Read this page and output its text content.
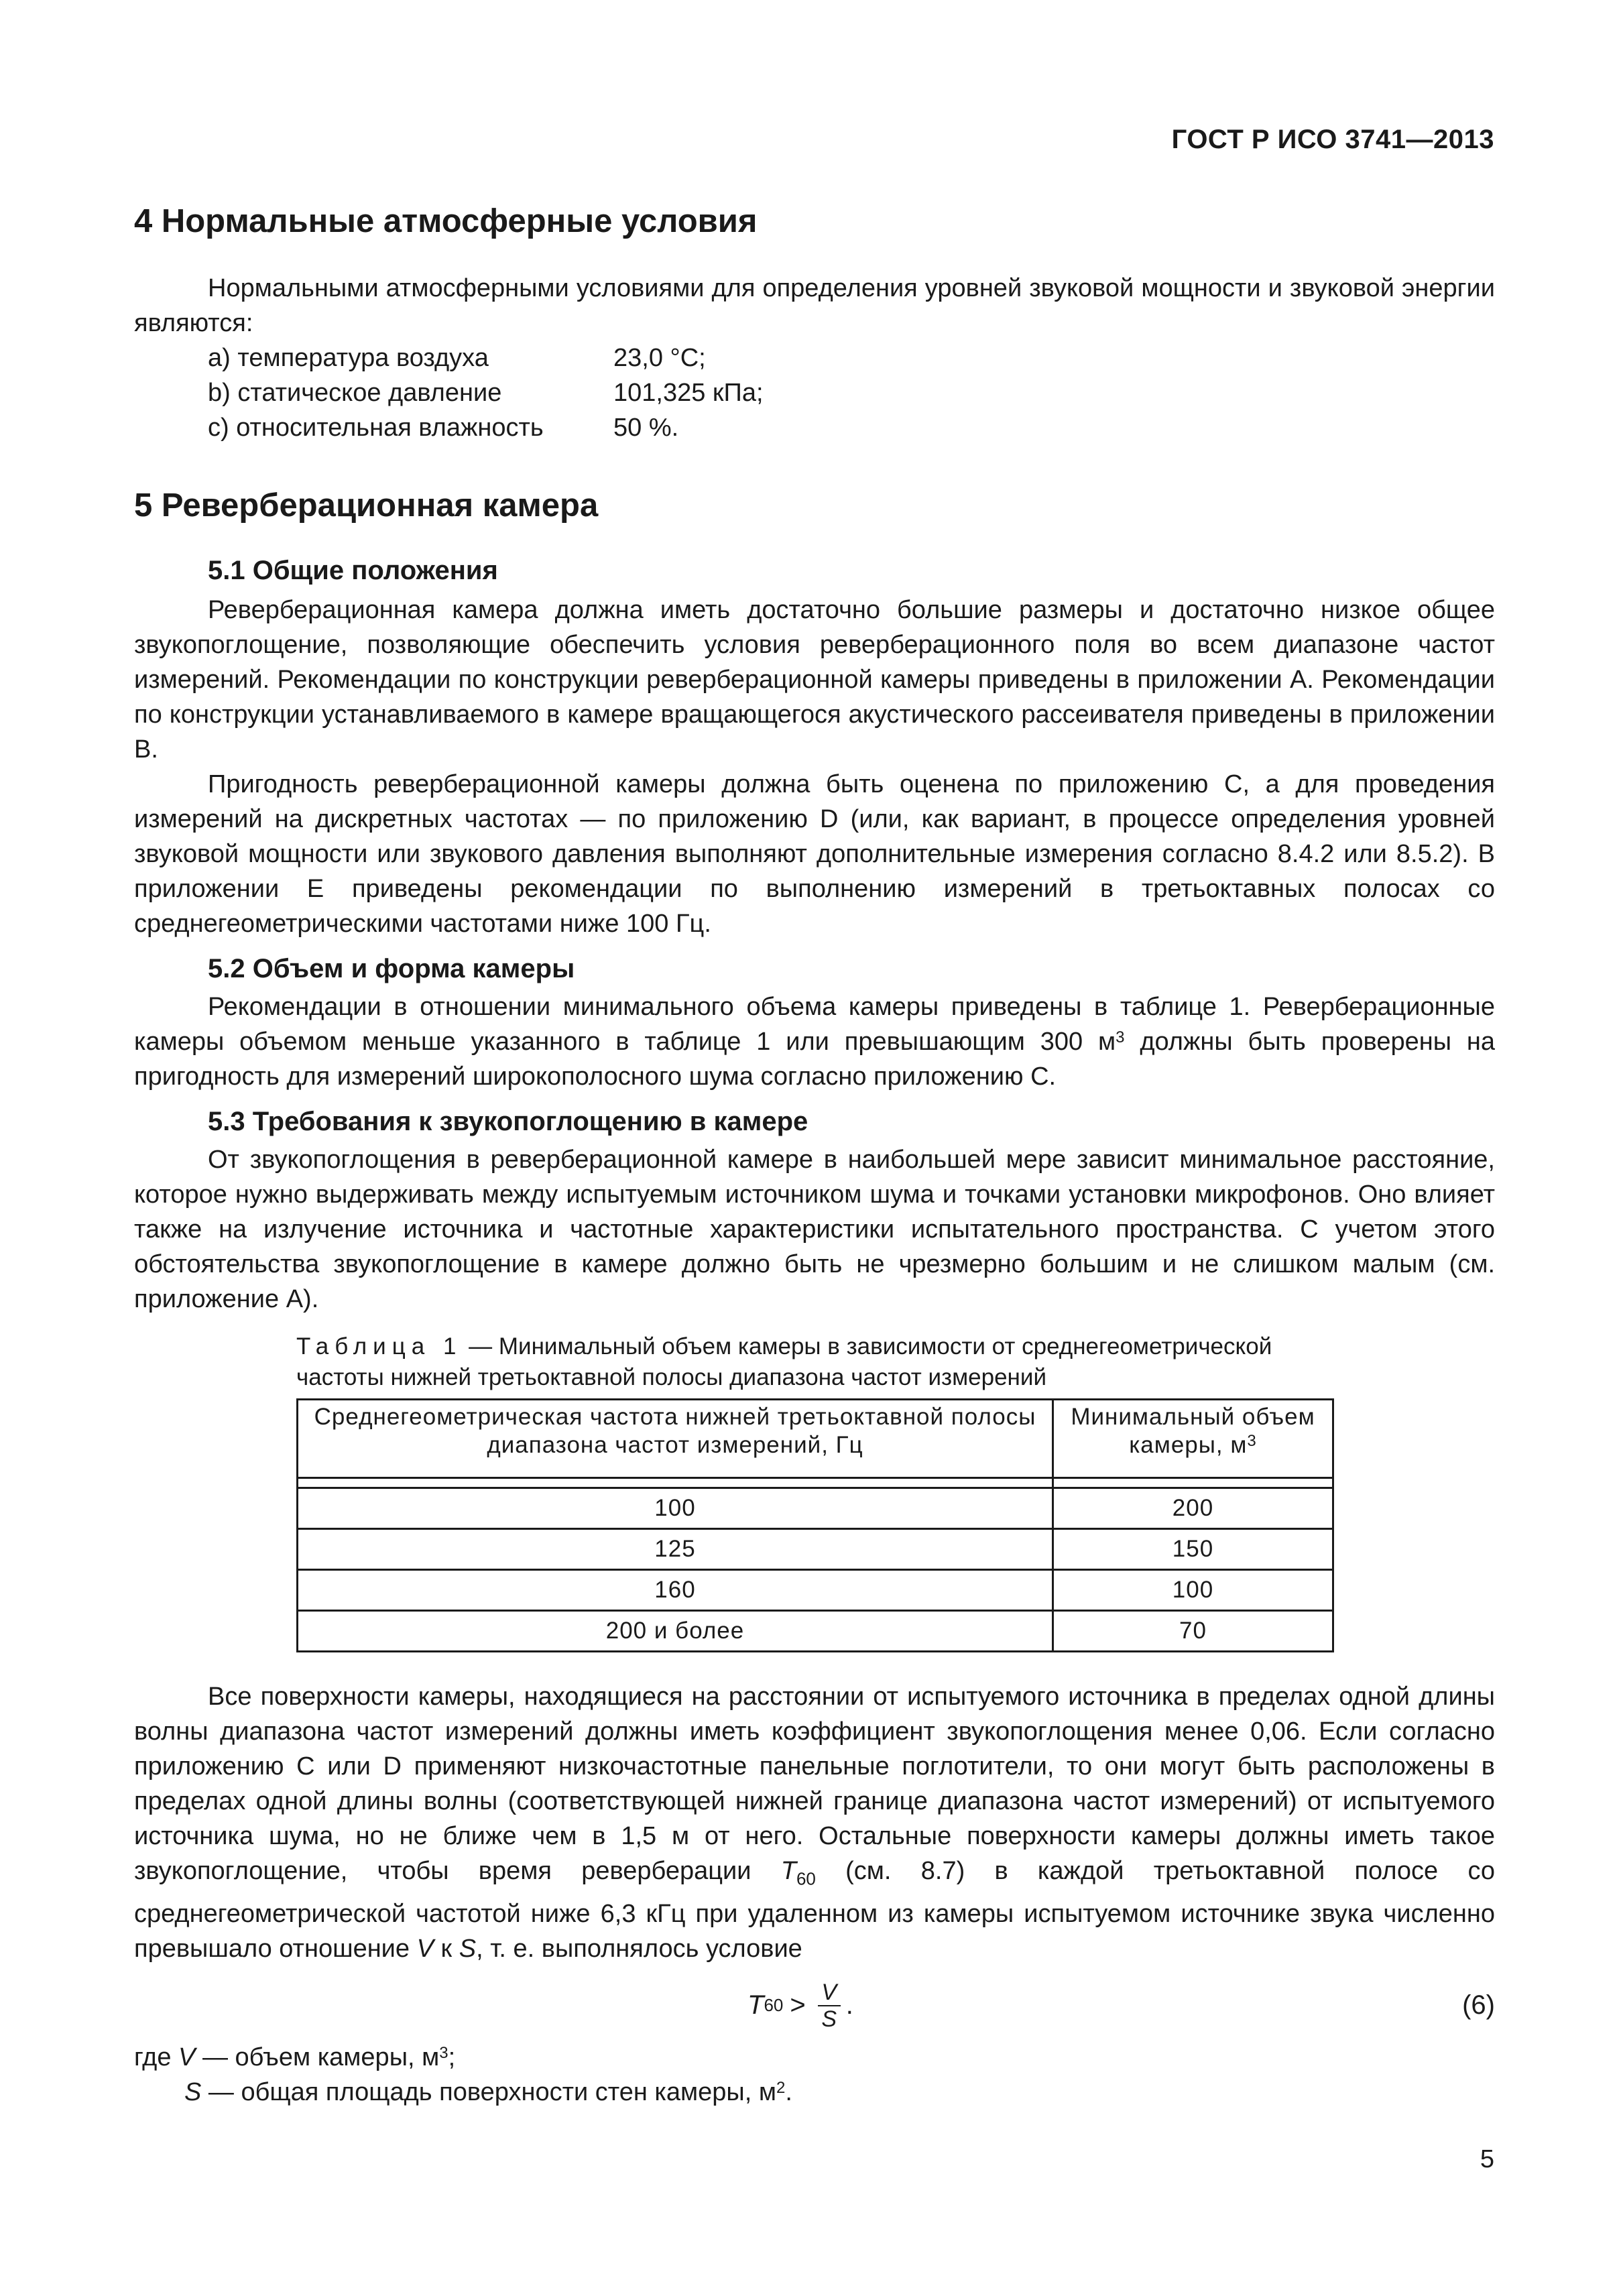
ГОСТ Р ИСО 3741—2013
4 Нормальные атмосферные условия

Нормальными атмосферными условиями для определения уровней звуковой мощности и звуковой энергии являются:

a) температура воздуха	23,0 °C;
b) статическое давление	101,325 кПа;
c) относительная влажность	50 %.
5 Реверберационная камера
5.1 Общие положения

Реверберационная камера должна иметь достаточно большие размеры и достаточно низкое общее звукопоглощение, позволяющие обеспечить условия реверберационного поля во всем диапазоне частот измерений. Рекомендации по конструкции реверберационной камеры приведены в приложении А. Рекомендации по конструкции устанавливаемого в камере вращающегося акустического рассеивателя приведены в приложении В.

Пригодность реверберационной камеры должна быть оценена по приложению С, а для проведения измерений на дискретных частотах — по приложению D (или, как вариант, в процессе определения уровней звуковой мощности или звукового давления выполняют дополнительные измерения согласно 8.4.2 или 8.5.2). В приложении Е приведены рекомендации по выполнению измерений в третьоктавных полосах со среднегеометрическими частотами ниже 100 Гц.

5.2 Объем и форма камеры

Рекомендации в отношении минимального объема камеры приведены в таблице 1. Реверберационные камеры объемом меньше указанного в таблице 1 или превышающим 300 $м^3$ должны быть проверены на пригодность для измерений широкополосного шума согласно приложению С.

5.3 Требования к звукопоглощению в камере

От звукопоглощения в реверберационной камере в наибольшей мере зависит минимальное расстояние, которое нужно выдерживать между испытуемым источником шума и точками установки микрофонов. Оно влияет также на излучение источника и частотные характеристики испытательного пространства. С учетом этого обстоятельства звукопоглощение в камере должно быть не чрезмерно большим и не слишком малым (см. приложение А).

Таблица 1 — Минимальный объем камеры в зависимости от среднегеометрической частоты нижней третьоктавной полосы диапазона частот измерений
Среднегеометрическая частота нижней третьоктавной полосы диапазона частот измерений, Гц	Минимальный объем камеры, $м^3$

100	200
125	150
160	100
200 и более	70

Все поверхности камеры, находящиеся на расстоянии от испытуемого источника в пределах одной длины волны диапазона частот измерений должны иметь коэффициент звукопоглощения менее 0,06. Если согласно приложению С или D применяют низкочастотные панельные поглотители, то они могут быть расположены в пределах одной длины волны (соответствующей нижней границе диапазона частот измерений) от испытуемого источника шума, но не ближе чем в 1,5 м от него. Остальные поверхности камеры должны иметь такое звукопоглощение, чтобы время реверберации $T_{60}$ (см. 8.7) в каждой третьоктавной полосе со среднегеометрической частотой ниже 6,3 кГц при удаленном из камеры испытуемом источнике звука численно превышало отношение V к S, т. е. выполнялось условие

T $60 > \frac{V}{S}$ .	(6)
где V — объем камеры, $м^3$;
S — общая площадь поверхности стен камеры, $м^2$.
5
